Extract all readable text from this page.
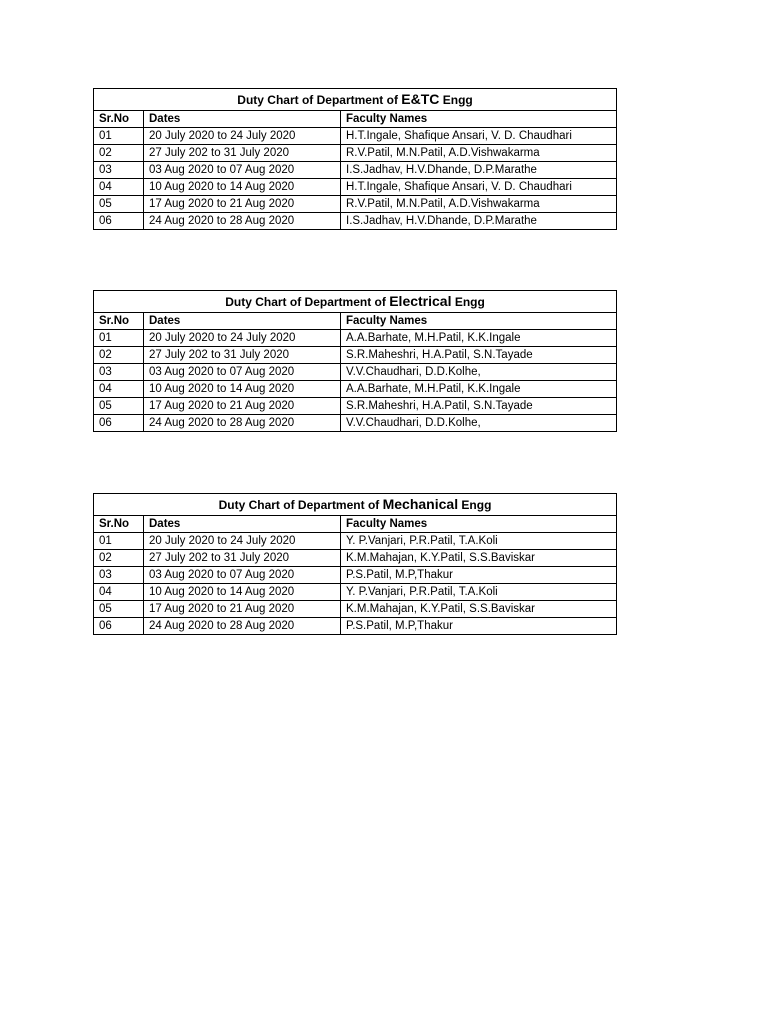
Duty Chart of Department of E&TC Engg		
Sr.No	Dates	Faculty Names
01	20 July 2020 to 24 July 2020	H.T.Ingale, Shafique Ansari, V. D. Chaudhari
02	27 July 202 to 31 July 2020	R.V.Patil, M.N.Patil, A.D.Vishwakarma
03	03 Aug 2020 to 07 Aug 2020	I.S.Jadhav, H.V.Dhande, D.P.Marathe
04	10 Aug 2020 to 14 Aug 2020	H.T.Ingale, Shafique Ansari, V. D. Chaudhari
05	17 Aug 2020 to 21 Aug 2020	R.V.Patil, M.N.Patil, A.D.Vishwakarma
06	24 Aug 2020 to 28 Aug 2020	I.S.Jadhav, H.V.Dhande, D.P.Marathe
Duty Chart of Department of Electrical Engg		
Sr.No	Dates	Faculty Names
01	20 July 2020 to 24 July 2020	A.A.Barhate, M.H.Patil, K.K.Ingale
02	27 July 202 to 31 July 2020	S.R.Maheshri, H.A.Patil, S.N.Tayade
03	03 Aug 2020 to 07 Aug 2020	V.V.Chaudhari, D.D.Kolhe,
04	10 Aug 2020 to 14 Aug 2020	A.A.Barhate, M.H.Patil, K.K.Ingale
05	17 Aug 2020 to 21 Aug 2020	S.R.Maheshri, H.A.Patil, S.N.Tayade
06	24 Aug 2020 to 28 Aug 2020	V.V.Chaudhari, D.D.Kolhe,
Duty Chart of Department of Mechanical Engg		
Sr.No	Dates	Faculty Names
01	20 July 2020 to 24 July 2020	Y. P.Vanjari, P.R.Patil, T.A.Koli
02	27 July 202 to 31 July 2020	K.M.Mahajan, K.Y.Patil, S.S.Baviskar
03	03 Aug 2020 to 07 Aug 2020	P.S.Patil, M.P,Thakur
04	10 Aug 2020 to 14 Aug 2020	Y. P.Vanjari, P.R.Patil, T.A.Koli
05	17 Aug 2020 to 21 Aug 2020	K.M.Mahajan, K.Y.Patil, S.S.Baviskar
06	24 Aug 2020 to 28 Aug 2020	P.S.Patil, M.P,Thakur
